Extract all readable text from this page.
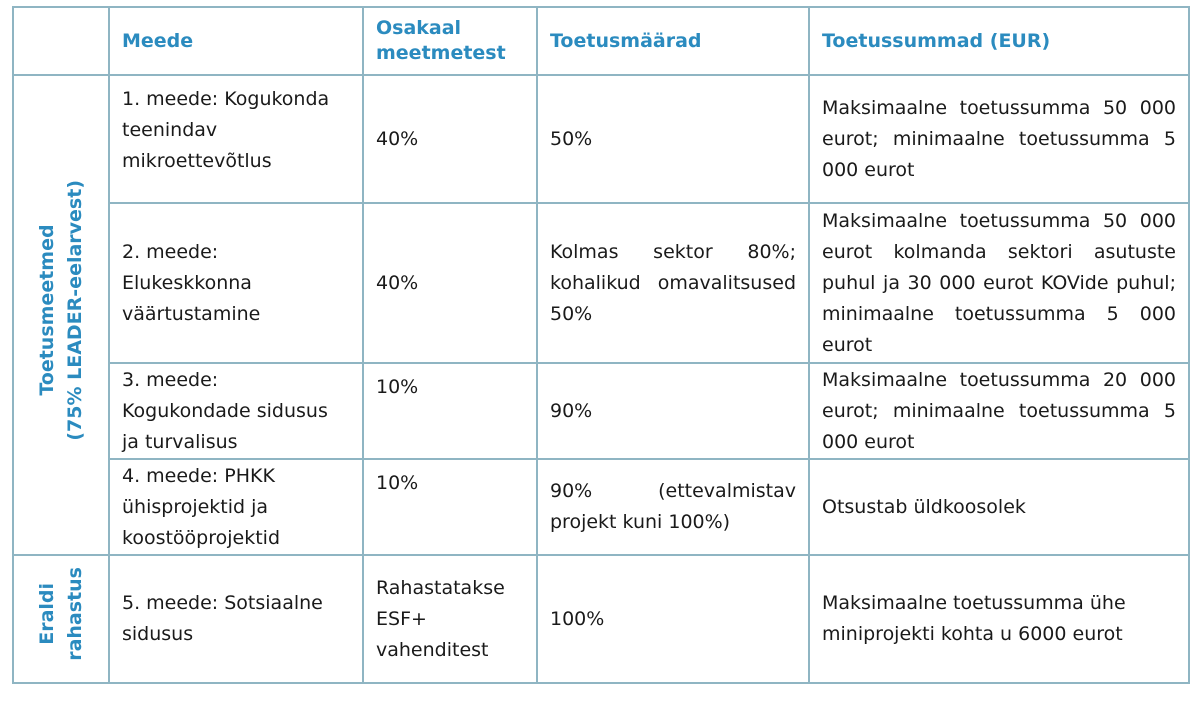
	Meede	Osakaal meetmetest	Toetusmäärad	Toetussummad (EUR)
Toetusmeetmed (75% LEADER-eelarvest)	1. meede: Kogukonda teenindav mikroettevõtlus	40%	50%	Maksimaalne toetussumma 50 000 eurot; minimaalne toetussumma 5 000 eurot
	2. meede: Elukeskkonna väärtustamine	40%	Kolmas sektor 80%; kohalikud omavalitsused 50%	Maksimaalne toetussumma 50 000 eurot kolmanda sektori asutuste puhul ja 30 000 eurot KOVide puhul; minimaalne toetussumma 5 000 eurot
	3. meede: Kogukondade sidusus ja turvalisus	10%	90%	Maksimaalne toetussumma 20 000 eurot; minimaalne toetussumma 5 000 eurot
	4. meede: PHKK ühisprojektid ja koostööprojektid	10%	90% (ettevalmistav projekt kuni 100%)	Otsustab üldkoosolek
Eraldi rahastus	5. meede: Sotsiaalne sidusus	Rahastatakse ESF+ vahenditest	100%	Maksimaalne toetussumma ühe miniprojekti kohta u 6000 eurot
